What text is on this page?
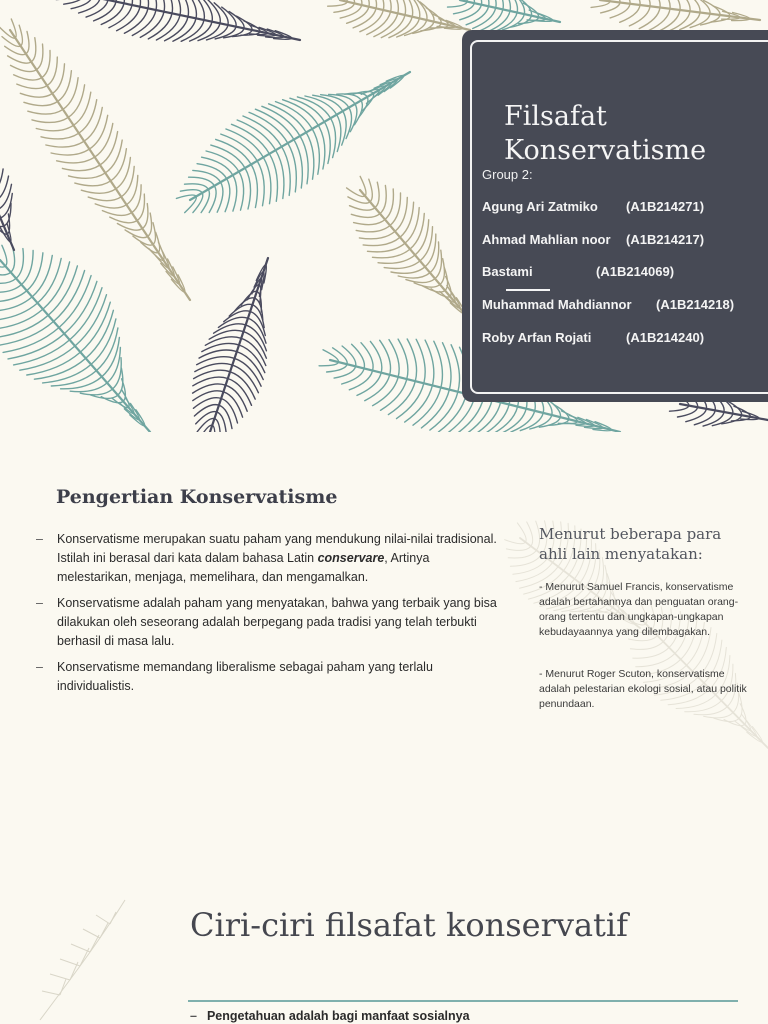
Filsafat
Konservatisme
Group 2:
Agung Ari Zatmiko (A1B214271)
Ahmad Mahlian noor (A1B214217)
Bastami	(A1B214069)
Muhammad Mahdiannor (A1B214218)
Roby Arfan Rojati	(A1B214240)
Pengertian Konservatisme
– Konservatisme merupakan suatu paham yang mendukung nilai-nilai tradisional. Istilah ini berasal dari kata dalam bahasa Latin conservare, Artinya melestarikan, menjaga, memelihara, dan mengamalkan.
– Konservatisme adalah paham yang menyatakan, bahwa yang terbaik yang bisa dilakukan oleh seseorang adalah berpegang pada tradisi yang telah terbukti berhasil di masa lalu.
– Konservatisme memandang liberalisme sebagai paham yang terlalu individualistis.
Menurut beberapa para ahli lain menyatakan:
- Menurut Samuel Francis, konservatisme adalah bertahannya dan penguatan orang-orang tertentu dan ungkapan-ungkapan kebudayaannya yang dilembagakan.
- Menurut Roger Scuton, konservatisme adalah pelestarian ekologi sosial, atau politik penundaan.
Ciri-ciri filsafat konservatif
– Pengetahuan adalah bagi manfaat sosialnya
